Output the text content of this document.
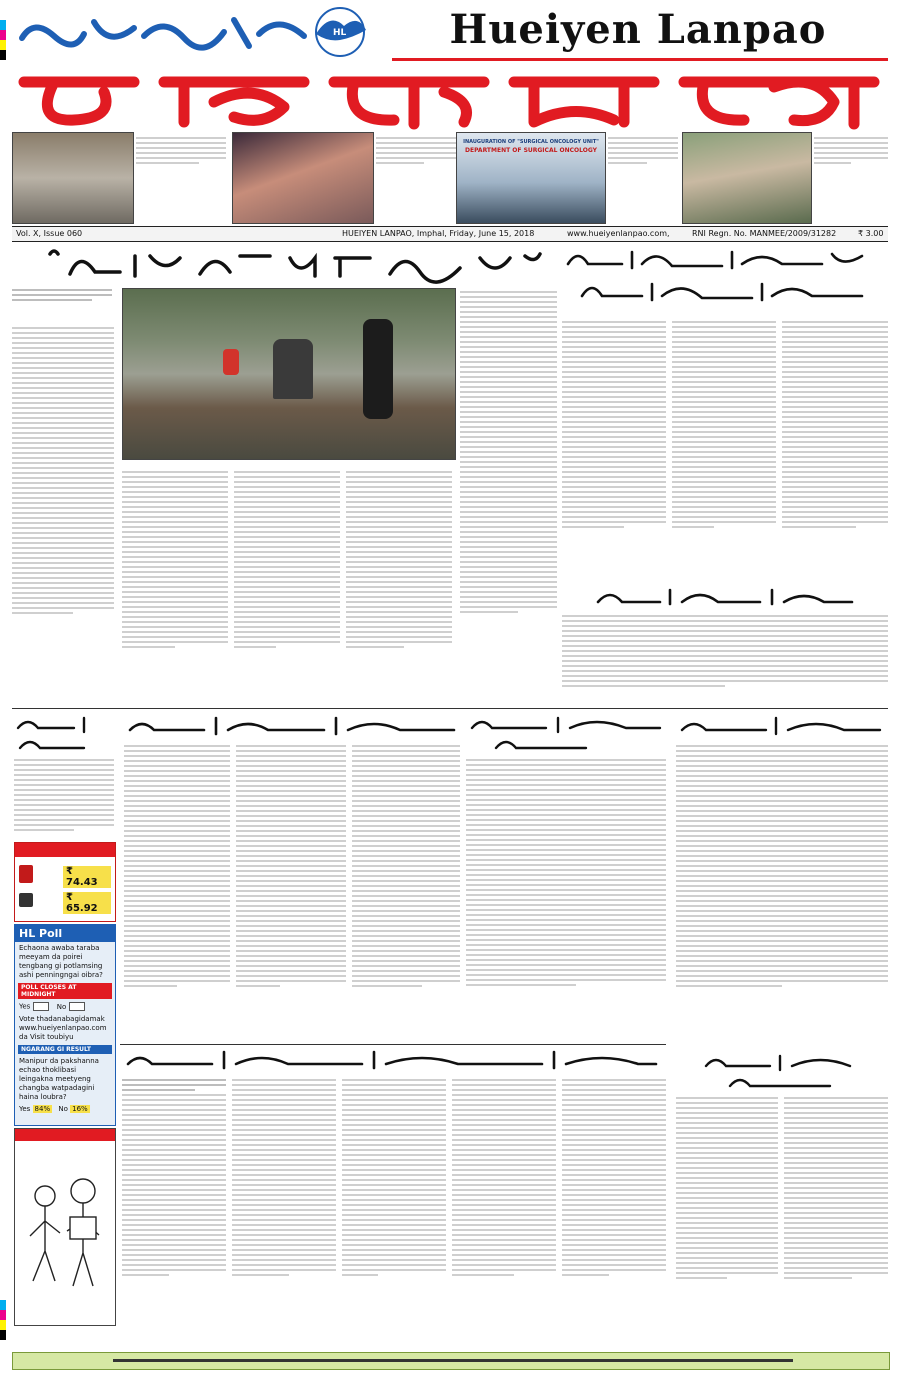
HL	Hueiyen Lanpao
INAUGURATION OF "SURGICAL ONCOLOGY UNIT"
DEPARTMENT OF SURGICAL ONCOLOGY
Vol. X, Issue 060	HUEIYEN LANPAO, Imphal, Friday, June 15, 2018	www.hueiyenlanpao.com,	RNI Regn. No. MANMEE/2009/31282	₹ 3.00
₹ 74.43
₹ 65.92
HL Poll
Echaona awaba taraba meeyam da poirei tengbang gi potlamsing ashi penningngai oibra?
POLL CLOSES AT MIDNIGHT
Yes	No
Vote thadanabagidamak www.hueiyenlanpao.com da Visit toubiyu
NGARANG GI RESULT
Manipur da pakshanna echao thoklibasi leingakna meetyeng changba watpadagini haina loubra?
Yes 84% No 16%
